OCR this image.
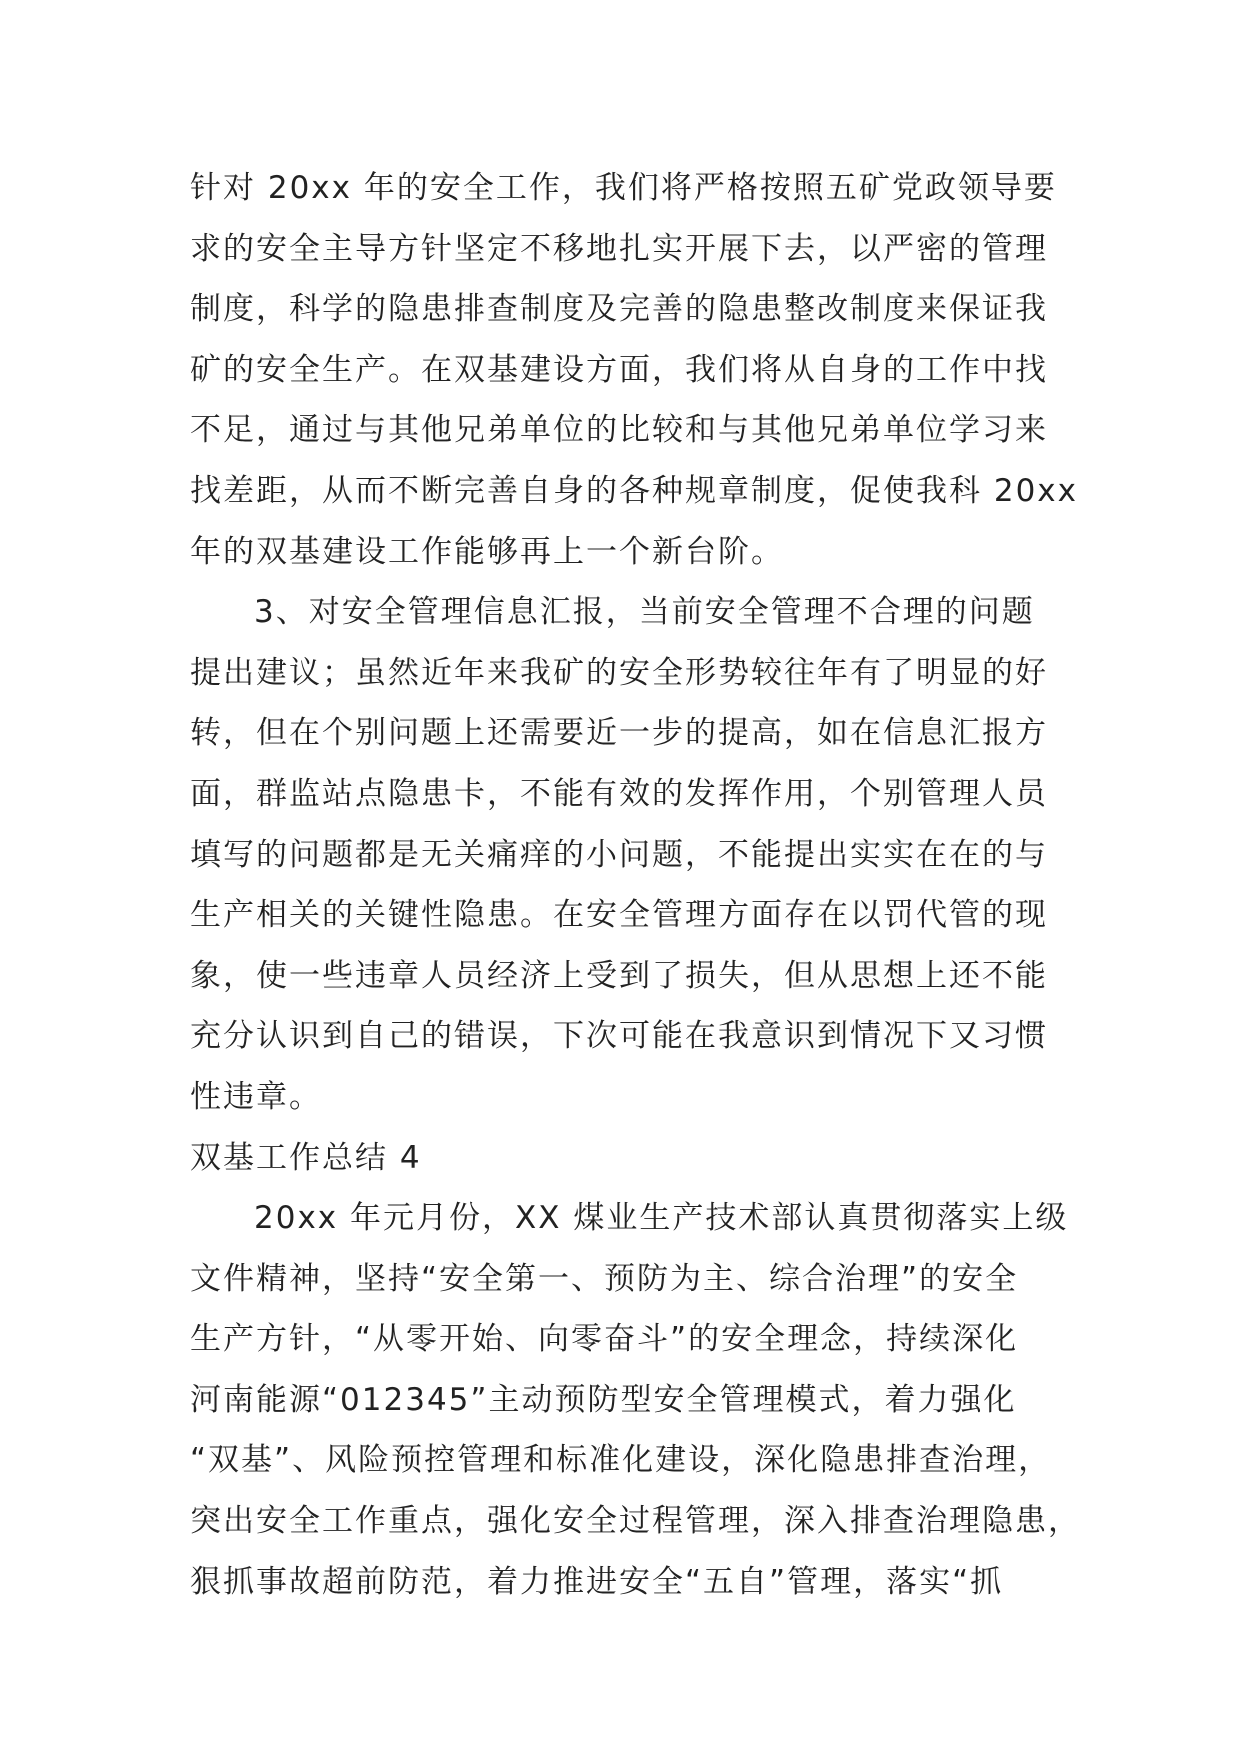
针对 20xx 年的安全工作，我们将严格按照五矿党政领导要
求的安全主导方针坚定不移地扎实开展下去，以严密的管理
制度，科学的隐患排查制度及完善的隐患整改制度来保证我
矿的安全生产。在双基建设方面，我们将从自身的工作中找
不足，通过与其他兄弟单位的比较和与其他兄弟单位学习来
找差距，从而不断完善自身的各种规章制度，促使我科 20xx
年的双基建设工作能够再上一个新台阶。
3、对安全管理信息汇报，当前安全管理不合理的问题
提出建议；虽然近年来我矿的安全形势较往年有了明显的好
转，但在个别问题上还需要近一步的提高，如在信息汇报方
面，群监站点隐患卡，不能有效的发挥作用，个别管理人员
填写的问题都是无关痛痒的小问题，不能提出实实在在的与
生产相关的关键性隐患。在安全管理方面存在以罚代管的现
象，使一些违章人员经济上受到了损失，但从思想上还不能
充分认识到自己的错误，下次可能在我意识到情况下又习惯
性违章。
双基工作总结 4
20xx 年元月份，XX 煤业生产技术部认真贯彻落实上级
文件精神，坚持“安全第一、预防为主、综合治理”的安全
生产方针，“从零开始、向零奋斗”的安全理念，持续深化
河南能源“012345”主动预防型安全管理模式，着力强化
“双基”、风险预控管理和标准化建设，深化隐患排查治理，
突出安全工作重点，强化安全过程管理，深入排查治理隐患，
狠抓事故超前防范，着力推进安全“五自”管理，落实“抓
